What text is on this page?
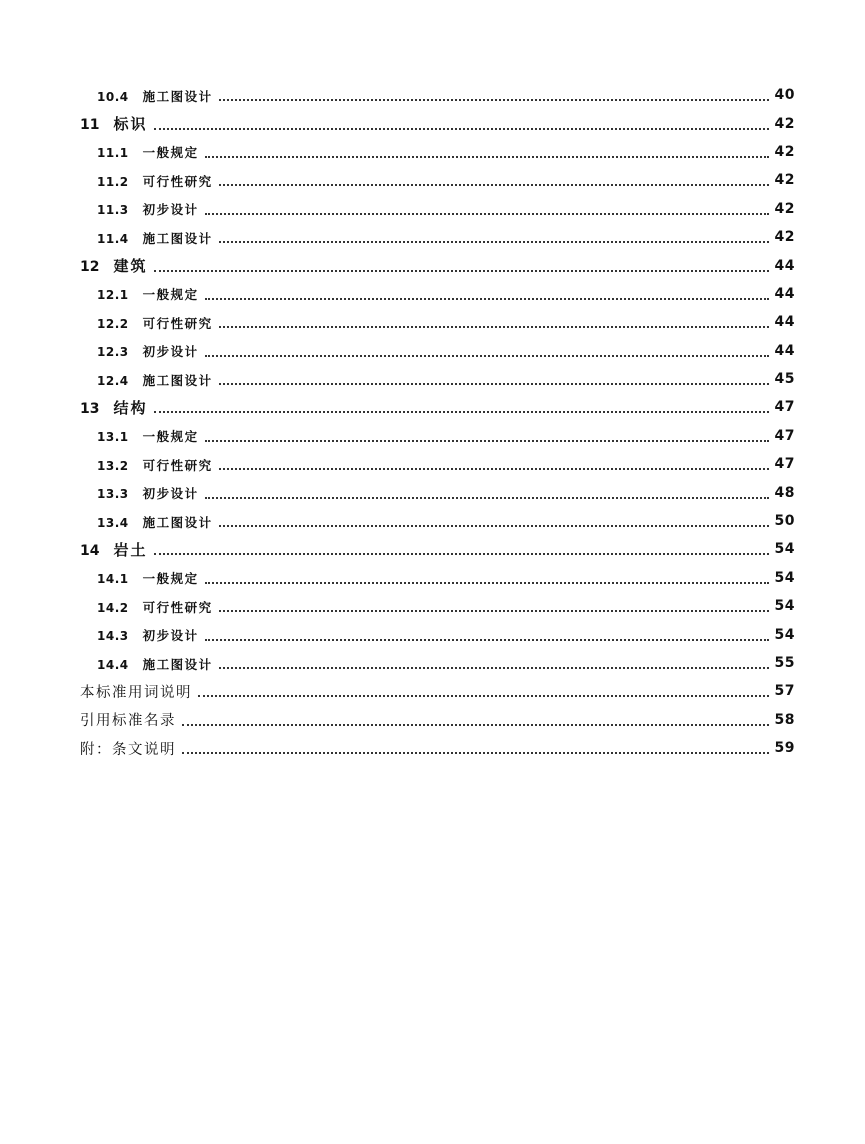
10.4 施工图设计	40
11 标识	42
11.1 一般规定	42
11.2 可行性研究	42
11.3 初步设计	42
11.4 施工图设计	42
12 建筑	44
12.1 一般规定	44
12.2 可行性研究	44
12.3 初步设计	44
12.4 施工图设计	45
13 结构	47
13.1 一般规定	47
13.2 可行性研究	47
13.3 初步设计	48
13.4 施工图设计	50
14 岩土	54
14.1 一般规定	54
14.2 可行性研究	54
14.3 初步设计	54
14.4 施工图设计	55
本标准用词说明	57
引用标准名录	58
附：条文说明	59
